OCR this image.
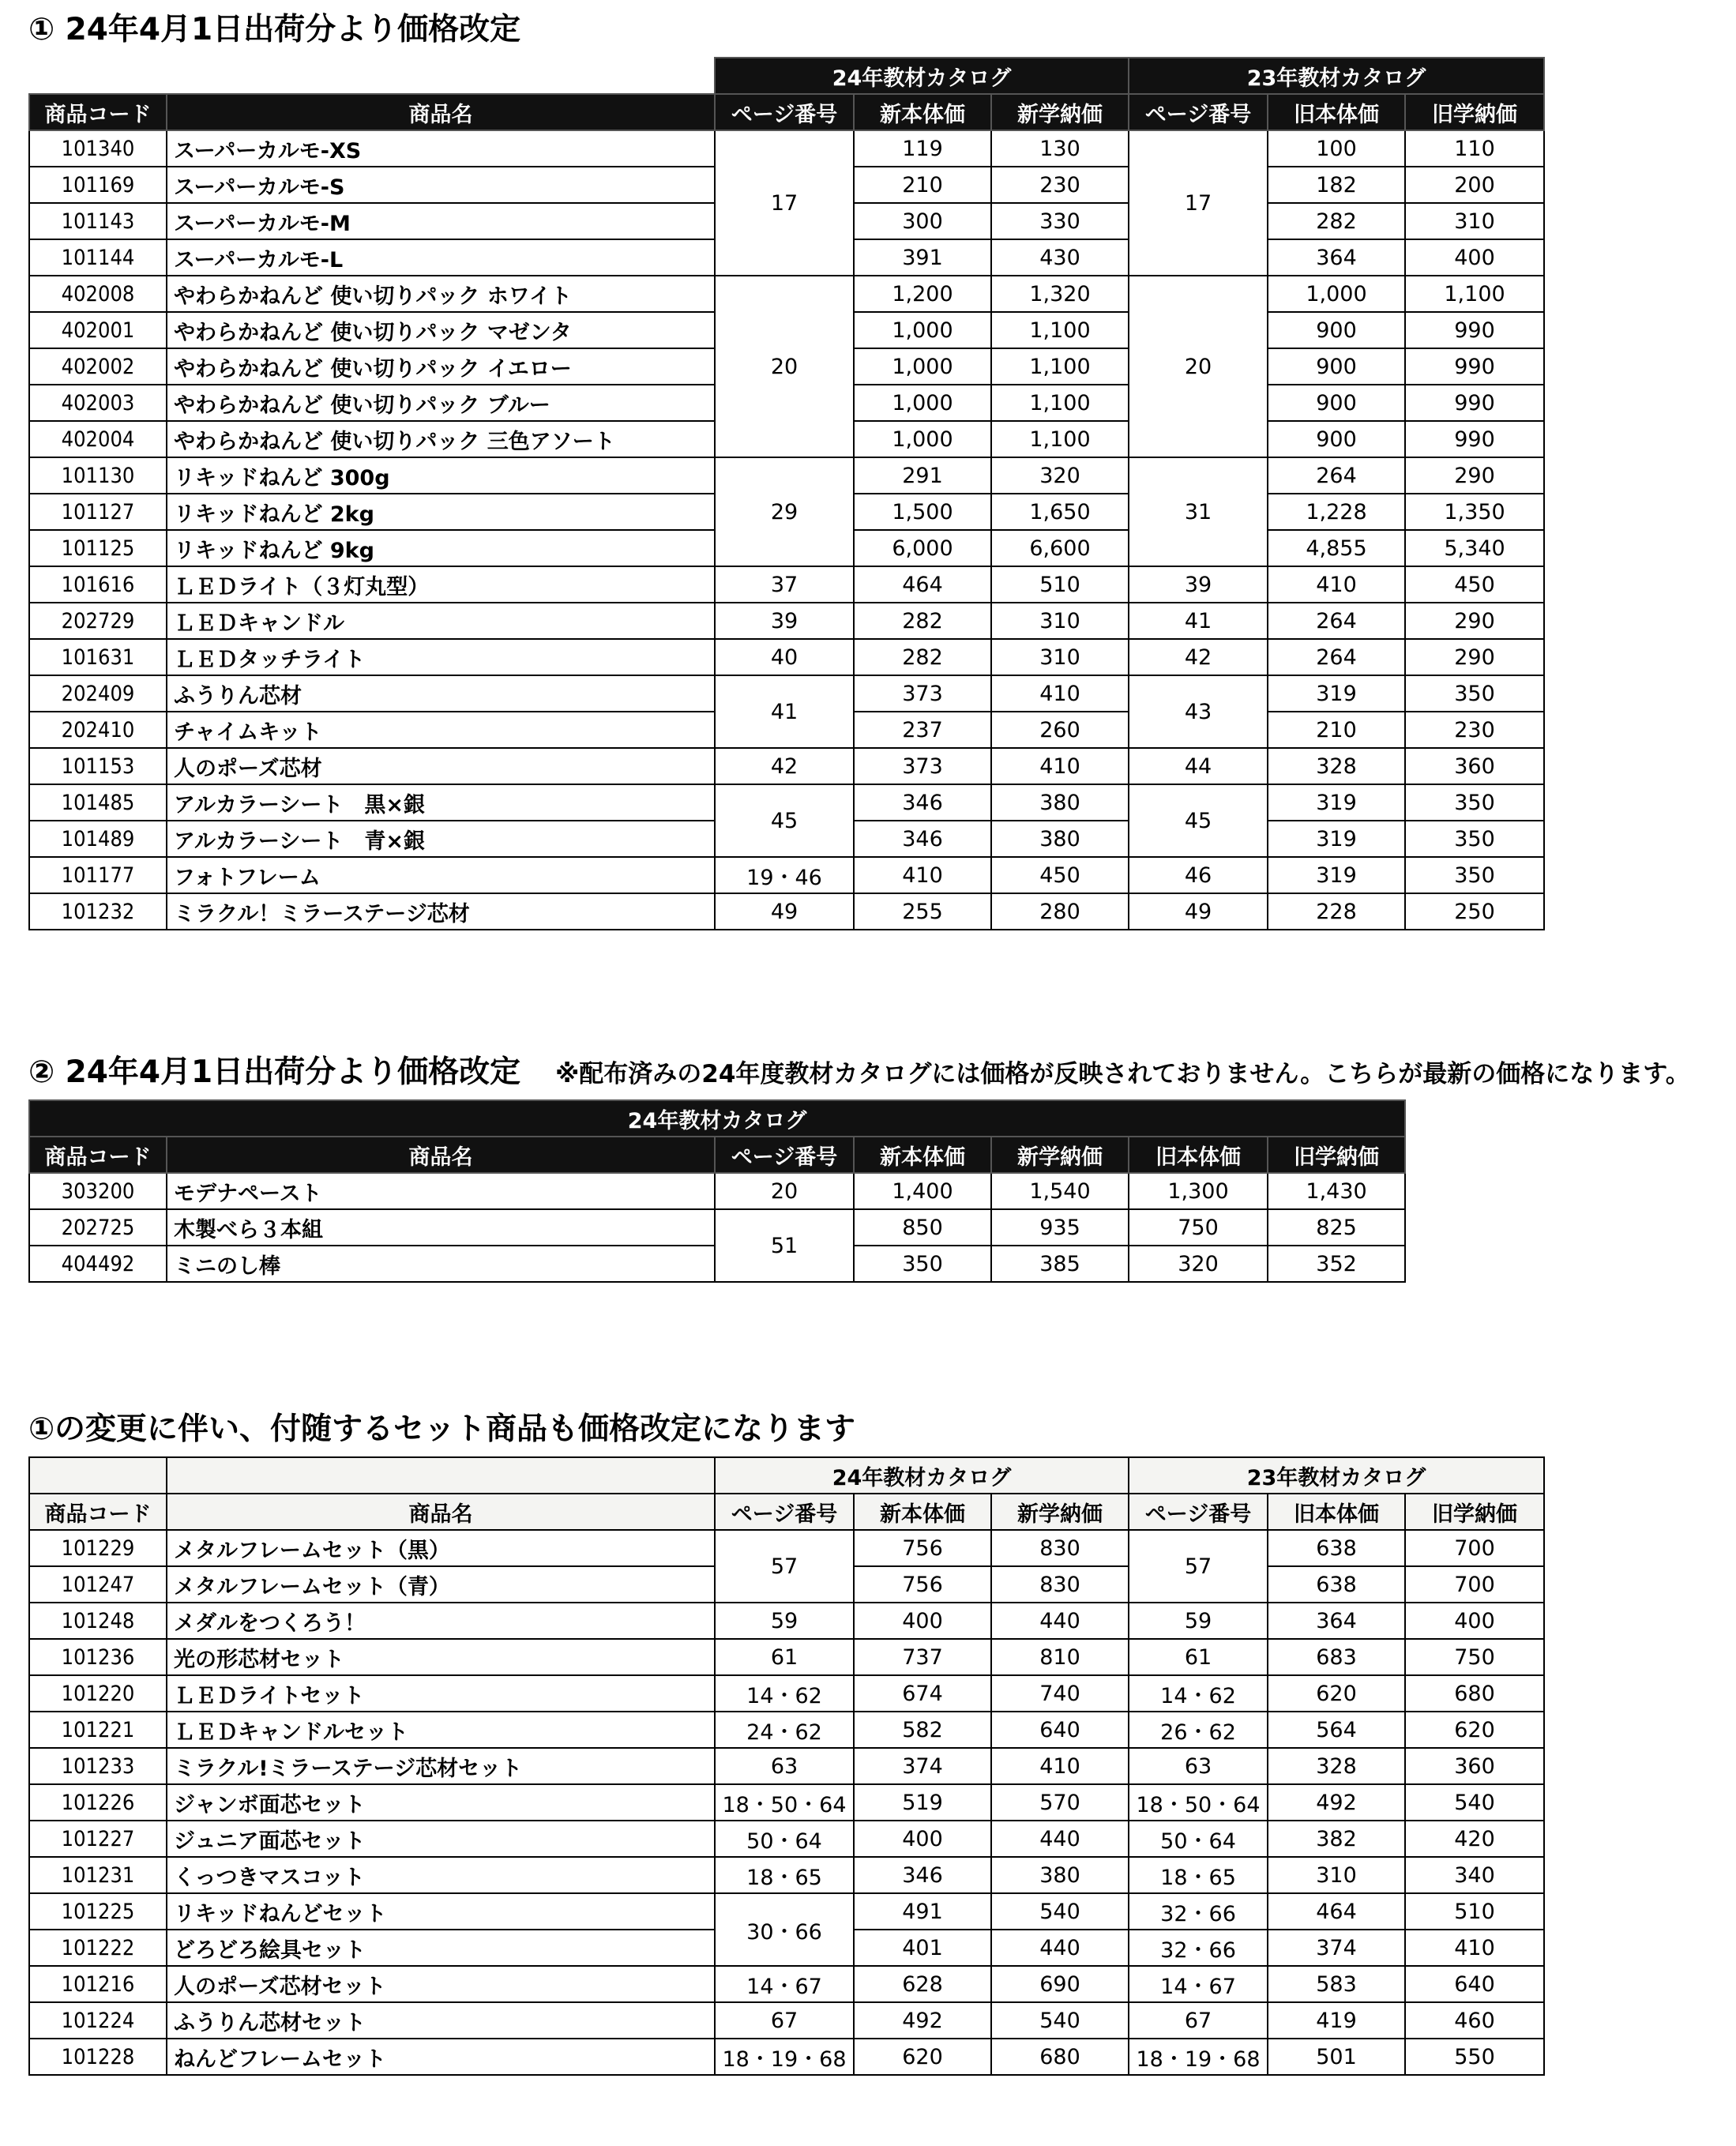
① 24年4月1日出荷分より価格改定
		24年教材カタログ			23年教材カタログ		
商品コード	商品名	ページ番号	新本体価	新学納価	ページ番号	旧本体価	旧学納価
101340	スーパーカルモ-XS	17	119	130	17	100	110
101169	スーパーカルモ-S		210	230		182	200
101143	スーパーカルモ-M		300	330		282	310
101144	スーパーカルモ-L		391	430		364	400
402008	やわらかねんど 使い切りパック ホワイト	20	1,200	1,320	20	1,000	1,100
402001	やわらかねんど 使い切りパック マゼンタ		1,000	1,100		900	990
402002	やわらかねんど 使い切りパック イエロー		1,000	1,100		900	990
402003	やわらかねんど 使い切りパック ブルー		1,000	1,100		900	990
402004	やわらかねんど 使い切りパック 三色アソート		1,000	1,100		900	990
101130	リキッドねんど 300g	29	291	320	31	264	290
101127	リキッドねんど 2kg		1,500	1,650		1,228	1,350
101125	リキッドねんど 9kg		6,000	6,600		4,855	5,340
101616	ＬＥＤライト（３灯丸型）	37	464	510	39	410	450
202729	ＬＥＤキャンドル	39	282	310	41	264	290
101631	ＬＥＤタッチライト	40	282	310	42	264	290
202409	ふうりん芯材	41	373	410	43	319	350
202410	チャイムキット		237	260		210	230
101153	人のポーズ芯材	42	373	410	44	328	360
101485	アルカラーシート　黒×銀	45	346	380	45	319	350
101489	アルカラーシート　青×銀		346	380		319	350
101177	フォトフレーム	19・46	410	450	46	319	350
101232	ミラクル！ミラーステージ芯材	49	255	280	49	228	250
② 24年4月1日出荷分より価格改定 ※配布済みの24年度教材カタログには価格が反映されておりません。こちらが最新の価格になります。
24年教材カタログ						
商品コード	商品名	ページ番号	新本体価	新学納価	旧本体価	旧学納価
303200	モデナペースト	20	1,400	1,540	1,300	1,430
202725	木製べら３本組	51	850	935	750	825
404492	ミニのし棒		350	385	320	352
①の変更に伴い、付随するセット商品も価格改定になります
		24年教材カタログ			23年教材カタログ		
商品コード	商品名	ページ番号	新本体価	新学納価	ページ番号	旧本体価	旧学納価
101229	メタルフレームセット（黒）	57	756	830	57	638	700
101247	メタルフレームセット（青）		756	830		638	700
101248	メダルをつくろう！	59	400	440	59	364	400
101236	光の形芯材セット	61	737	810	61	683	750
101220	ＬＥＤライトセット	14・62	674	740	14・62	620	680
101221	ＬＥＤキャンドルセット	24・62	582	640	26・62	564	620
101233	ミラクル!ミラーステージ芯材セット	63	374	410	63	328	360
101226	ジャンボ面芯セット	18・50・64	519	570	18・50・64	492	540
101227	ジュニア面芯セット	50・64	400	440	50・64	382	420
101231	くっつきマスコット	18・65	346	380	18・65	310	340
101225	リキッドねんどセット	30・66	491	540	32・66	464	510
101222	どろどろ絵具セット		401	440	32・66	374	410
101216	人のポーズ芯材セット	14・67	628	690	14・67	583	640
101224	ふうりん芯材セット	67	492	540	67	419	460
101228	ねんどフレームセット	18・19・68	620	680	18・19・68	501	550
